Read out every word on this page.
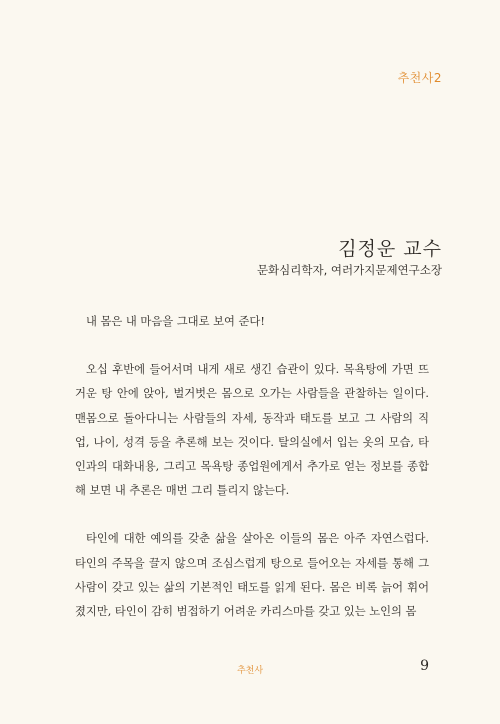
추천사2
김정운 교수
문화심리학자, 여러가지문제연구소장

내 몸은 내 마음을 그대로 보여 준다!

오십 후반에 들어서며 내게 새로 생긴 습관이 있다. 목욕탕에 가면 뜨거운 탕 안에 앉아, 벌거벗은 몸으로 오가는 사람들을 관찰하는 일이다. 맨몸으로 돌아다니는 사람들의 자세, 동작과 태도를 보고 그 사람의 직업, 나이, 성격 등을 추론해 보는 것이다. 탈의실에서 입는 옷의 모습, 타인과의 대화내용, 그리고 목욕탕 종업원에게서 추가로 얻는 정보를 종합해 보면 내 추론은 매번 그리 틀리지 않는다.

타인에 대한 예의를 갖춘 삶을 살아온 이들의 몸은 아주 자연스럽다. 타인의 주목을 끌지 않으며 조심스럽게 탕으로 들어오는 자세를 통해 그 사람이 갖고 있는 삶의 기본적인 태도를 읽게 된다. 몸은 비록 늙어 휘어졌지만, 타인이 감히 범접하기 어려운 카리스마를 갖고 있는 노인의 몸

추천사	9
